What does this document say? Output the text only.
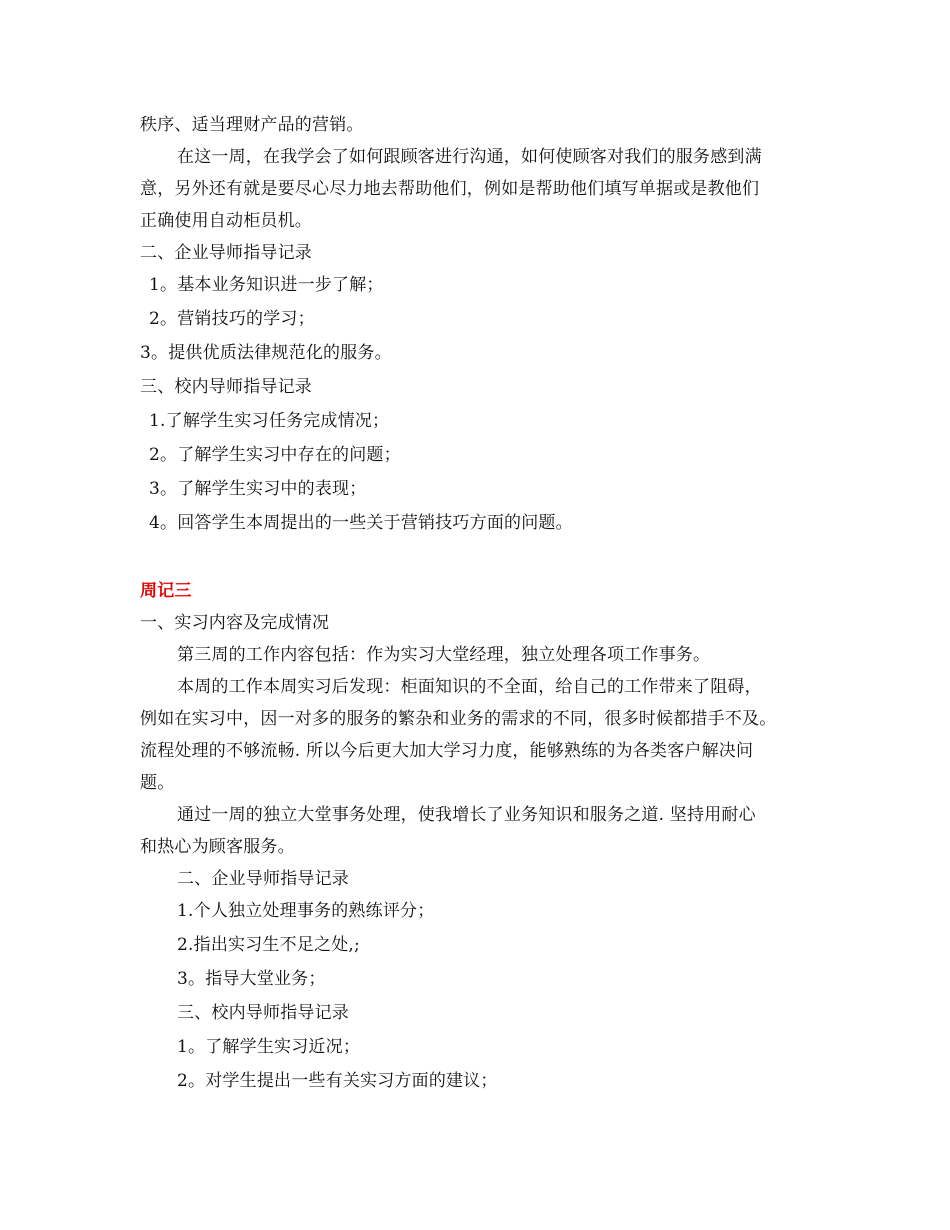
秩序、适当理财产品的营销。
在这一周，在我学会了如何跟顾客进行沟通，如何使顾客对我们的服务感到满
意，另外还有就是要尽心尽力地去帮助他们，例如是帮助他们填写单据或是教他们
正确使用自动柜员机。
二、企业导师指导记录
1。基本业务知识进一步了解；
2。营销技巧的学习；
3。提供优质法律规范化的服务。
三、校内导师指导记录
1.了解学生实习任务完成情况；
2。了解学生实习中存在的问题；
3。了解学生实习中的表现；
4。回答学生本周提出的一些关于营销技巧方面的问题。
周记三
一、实习内容及完成情况
第三周的工作内容包括：作为实习大堂经理，独立处理各项工作事务。
本周的工作本周实习后发现：柜面知识的不全面，给自己的工作带来了阻碍，
例如在实习中，因一对多的服务的繁杂和业务的需求的不同，很多时候都措手不及。
流程处理的不够流畅. 所以今后更大加大学习力度，能够熟练的为各类客户解决问
题。
通过一周的独立大堂事务处理，使我增长了业务知识和服务之道. 坚持用耐心
和热心为顾客服务。
二、企业导师指导记录
1.个人独立处理事务的熟练评分；
2.指出实习生不足之处,;
3。指导大堂业务；
三、校内导师指导记录
1。了解学生实习近况；
2。对学生提出一些有关实习方面的建议；
